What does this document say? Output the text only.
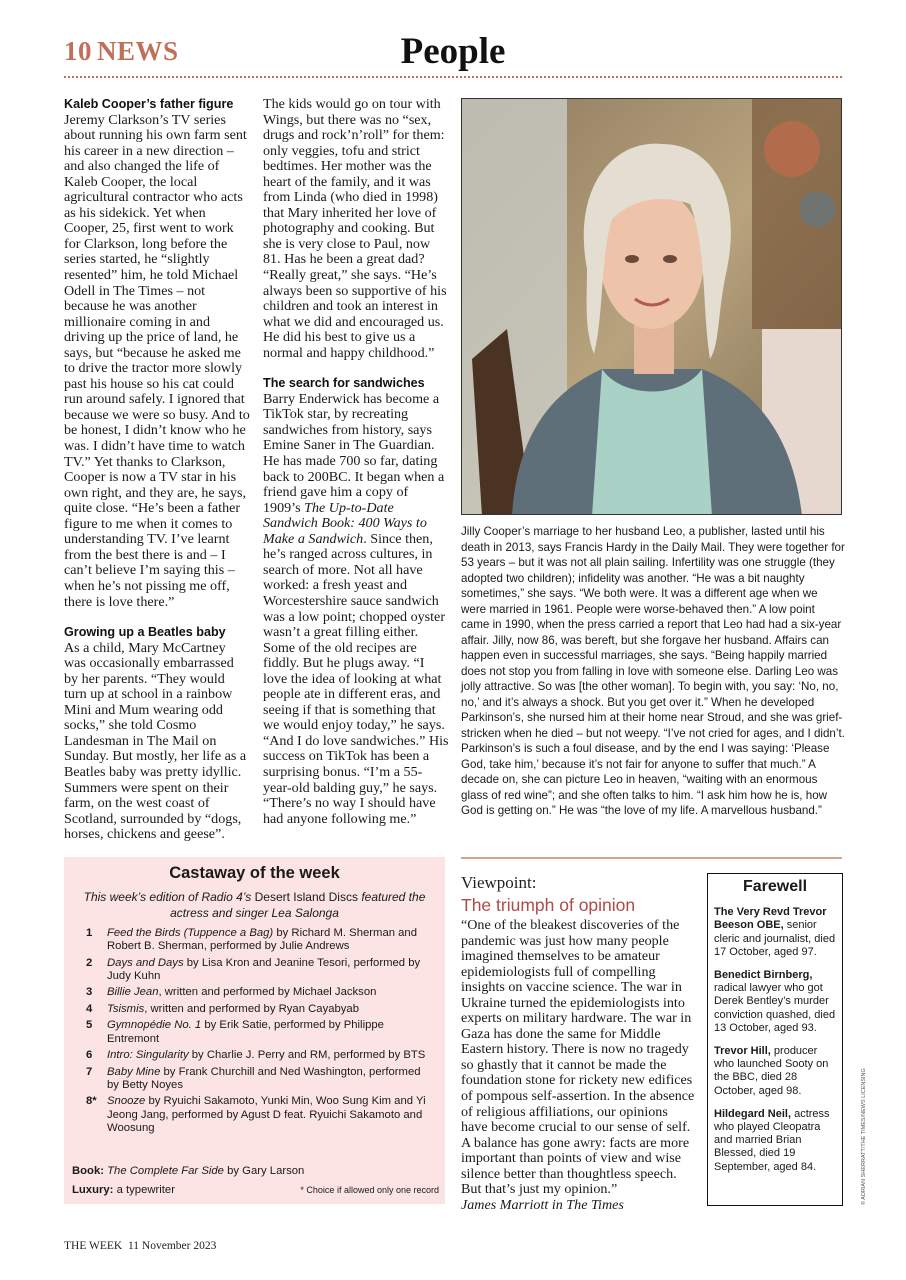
10 NEWS	People
Kaleb Cooper’s father figure

Jeremy Clarkson’s TV series about running his own farm sent his career in a new direction – and also changed the life of Kaleb Cooper, the local agricultural contractor who acts as his sidekick. Yet when Cooper, 25, first went to work for Clarkson, long before the series started, he “slightly resented” him, he told Michael Odell in The Times – not because he was another millionaire coming in and driving up the price of land, he says, but “because he asked me to drive the tractor more slowly past his house so his cat could run around safely. I ignored that because we were so busy. And to be honest, I didn’t know who he was. I didn’t have time to watch TV.” Yet thanks to Clarkson, Cooper is now a TV star in his own right, and they are, he says, quite close. “He’s been a father figure to me when it comes to understanding TV. I’ve learnt from the best there is and – I can’t believe I’m saying this – when he’s not pissing me off, there is love there.”

Growing up a Beatles baby

As a child, Mary McCartney was occasionally embarrassed by her parents. “They would turn up at school in a rainbow Mini and Mum wearing odd socks,” she told Cosmo Landesman in The Mail on Sunday. But mostly, her life as a Beatles baby was pretty idyllic. Summers were spent on their farm, on the west coast of Scotland, surrounded by “dogs, horses, chickens and geese”.

The kids would go on tour with Wings, but there was no “sex, drugs and rock’n’roll” for them: only veggies, tofu and strict bedtimes. Her mother was the heart of the family, and it was from Linda (who died in 1998) that Mary inherited her love of photography and cooking. But she is very close to Paul, now 81. Has he been a great dad? “Really great,” she says. “He’s always been so supportive of his children and took an interest in what we did and encouraged us. He did his best to give us a normal and happy childhood.”

The search for sandwiches

Barry Enderwick has become a TikTok star, by recreating sandwiches from history, says Emine Saner in The Guardian. He has made 700 so far, dating back to 200BC. It began when a friend gave him a copy of 1909’s The Up-to-Date Sandwich Book: 400 Ways to Make a Sandwich. Since then, he’s ranged across cultures, in search of more. Not all have worked: a fresh yeast and Worcestershire sauce sandwich was a low point; chopped oyster wasn’t a great filling either. Some of the old recipes are fiddly. But he plugs away. “I love the idea of looking at what people ate in different eras, and seeing if that is something that we would enjoy today,” he says. “And I do love sandwiches.” His success on TikTok has been a surprising bonus. “I’m a 55-year-old balding guy,” he says. “There’s no way I should have had anyone following me.”

Jilly Cooper’s marriage to her husband Leo, a publisher, lasted until his death in 2013, says Francis Hardy in the Daily Mail. They were together for 53 years – but it was not all plain sailing. Infertility was one struggle (they adopted two children); infidelity was another. “He was a bit naughty sometimes,” she says. “We both were. It was a different age when we were married in 1961. People were worse-behaved then.” A low point came in 1990, when the press carried a report that Leo had had a six-year affair. Jilly, now 86, was bereft, but she forgave her husband. Affairs can happen even in successful marriages, she says. “Being happily married does not stop you from falling in love with someone else. Darling Leo was jolly attractive. So was [the other woman]. To begin with, you say: ‘No, no, no,’ and it’s always a shock. But you get over it.” When he developed Parkinson’s, she nursed him at their home near Stroud, and she was grief-stricken when he died – but not weepy. “I’ve not cried for ages, and I didn’t. Parkinson’s is such a foul disease, and by the end I was saying: ‘Please God, take him,’ because it’s not fair for anyone to suffer that much.” A decade on, she can picture Leo in heaven, “waiting with an enormous glass of red wine”; and she often talks to him. “I ask him how he is, how God is getting on.” He was “the love of my life. A marvellous husband.”
Castaway of the week
This week’s edition of Radio 4’s Desert Island Discs featured the actress and singer Lea Salonga
1 Feed the Birds (Tuppence a Bag) by Richard M. Sherman and Robert B. Sherman, performed by Julie Andrews
2 Days and Days by Lisa Kron and Jeanine Tesori, performed by Judy Kuhn
3 Billie Jean, written and performed by Michael Jackson
4 Tsismis, written and performed by Ryan Cayabyab
5 Gymnopédie No. 1 by Erik Satie, performed by Philippe Entremont
6 Intro: Singularity by Charlie J. Perry and RM, performed by BTS
7 Baby Mine by Frank Churchill and Ned Washington, performed by Betty Noyes
8* Snooze by Ryuichi Sakamoto, Yunki Min, Woo Sung Kim and Yi Jeong Jang, performed by Agust D feat. Ryuichi Sakamoto and Woosung
Book: The Complete Far Side by Gary Larson
Luxury: a typewriter	* Choice if allowed only one record
Viewpoint:
The triumph of opinion

“One of the bleakest discoveries of the pandemic was just how many people imagined themselves to be amateur epidemiologists full of compelling insights on vaccine science. The war in Ukraine turned the epidemiologists into experts on military hardware. The war in Gaza has done the same for Middle Eastern history. There is now no tragedy so ghastly that it cannot be made the foundation stone for rickety new edifices of pompous self-assertion. In the absence of religious affiliations, our opinions have become crucial to our sense of self. A balance has gone awry: facts are more important than points of view and wise silence better than thoughtless speech. But that’s just my opinion.”

James Marriott in The Times

Farewell
The Very Revd Trevor Beeson OBE, senior cleric and journalist, died 17 October, aged 97.
Benedict Birnberg, radical lawyer who got Derek Bentley’s murder conviction quashed, died 13 October, aged 93.
Trevor Hill, producer who launched Sooty on the BBC, died 28 October, aged 98.
Hildegard Neil, actress who played Cleopatra and married Brian Blessed, died 19 September, aged 84.	© ADRIAN SHERRATT/THE TIMES/NEWS LICENSING
THE WEEK 11 November 2023
